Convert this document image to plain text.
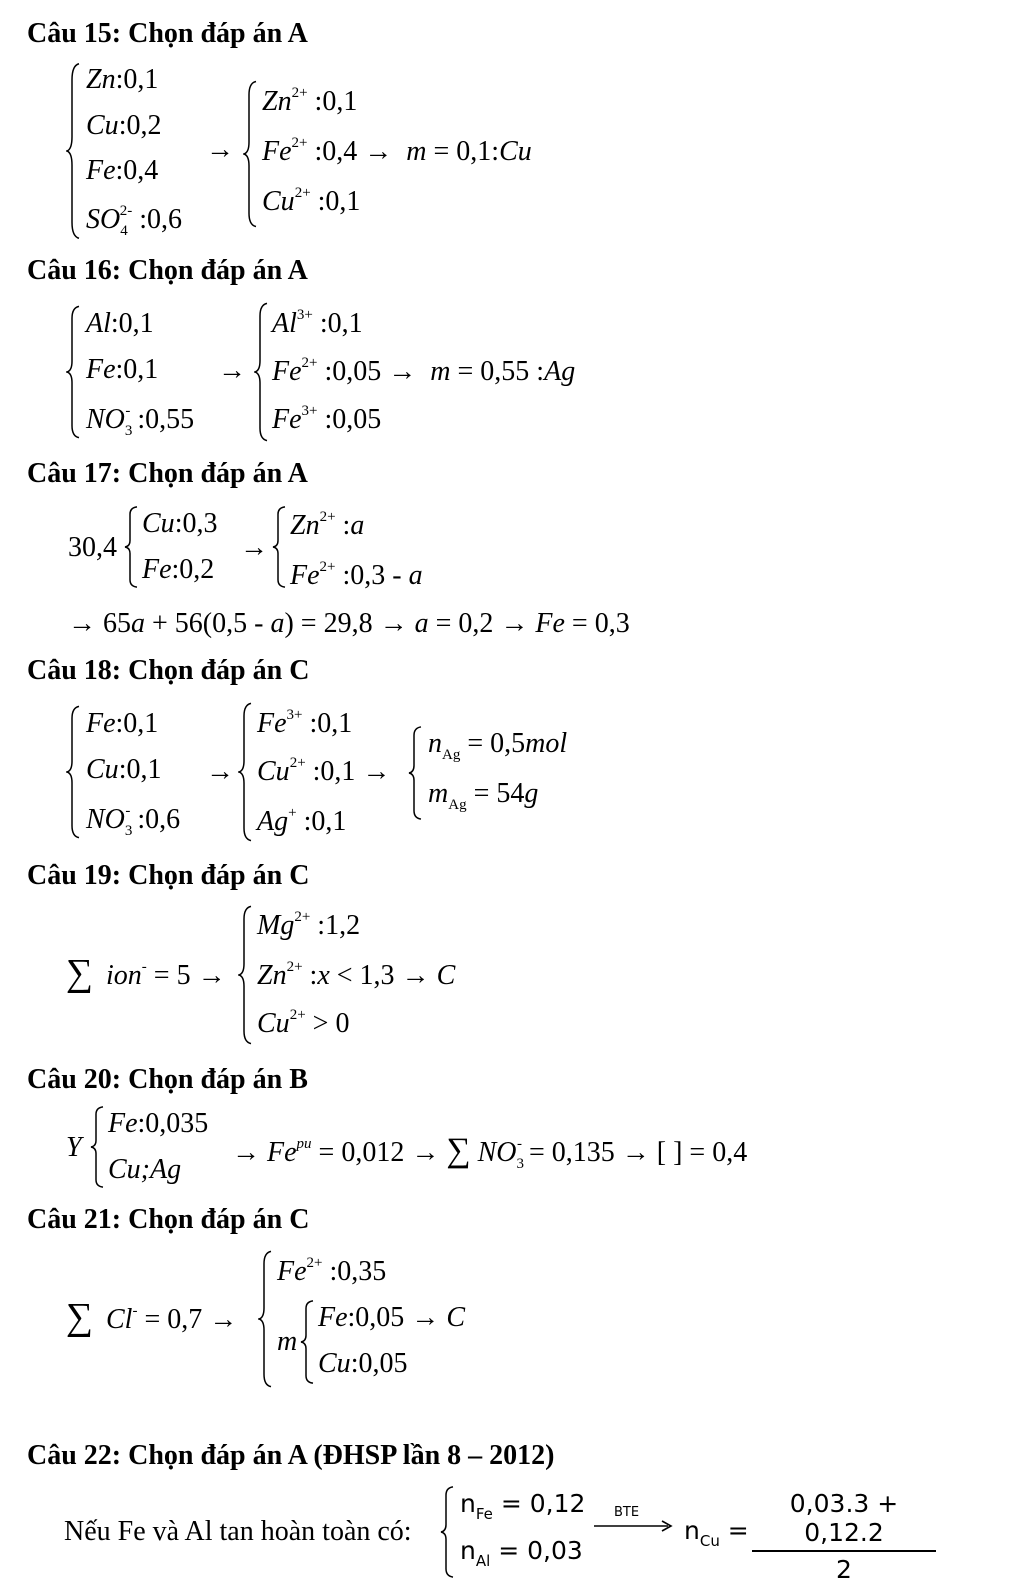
Câu 15: Chọn đáp án A
Zn:0,1
Cu:0,2
Fe:0,4
$SO_4^{2-}$ :0,6
→
$Zn^{2+}$ :0,1
$Fe^{2+}$ :0,4 → m = 0,1:Cu
$Cu^{2+}$ :0,1
Câu 16: Chọn đáp án A
Al:0,1
Fe:0,1
$NO_3^-$ :0,55
→
$Al^{3+}$ :0,1
$Fe^{2+}$ :0,05 → m = 0,55 :Ag
$Fe^{3+}$ :0,05
Câu 17: Chọn đáp án A
30,4
Cu:0,3
Fe:0,2
→
$Zn^{2+}$ :a
$Fe^{2+}$ :0,3 - a
→ 65a + 56(0,5 - a) = 29,8 → a = 0,2 → Fe = 0,3
Câu 18: Chọn đáp án C
Fe:0,1
Cu:0,1
$NO_3^-$ :0,6
→
$Fe^{3+}$ :0,1
$Cu^{2+}$ :0,1 →
Ag+ :0,1
$n_{Ag} = 0,5mol$
$m_{Ag} = 54g$
Câu 19: Chọn đáp án C
∑ ion- = 5 →
$Mg^{2+}$ :1,2
$Zn^{2+}$ :x < 1,3 → C
$Cu^{2+} > 0$
Câu 20: Chọn đáp án B
Y
Fe:0,035
Cu;Ag
→ $Fe^{pu} = 0,012$ → ∑ $NO_3^- = 0,135$ → [ ] = 0,4
Câu 21: Chọn đáp án C
∑ Cl- = 0,7 →
$Fe^{2+}$ :0,35
m
Fe:0,05 → C
Cu:0,05
Câu 22: Chọn đáp án A (ĐHSP lần 8 – 2012)
Nếu Fe và Al tan hoàn toàn có:
$n_{Fe} = 0,12$
$n_{Al} = 0,03$
BTE
$n_{Cu}$ =
0,03.3 + 0,12.2
2
